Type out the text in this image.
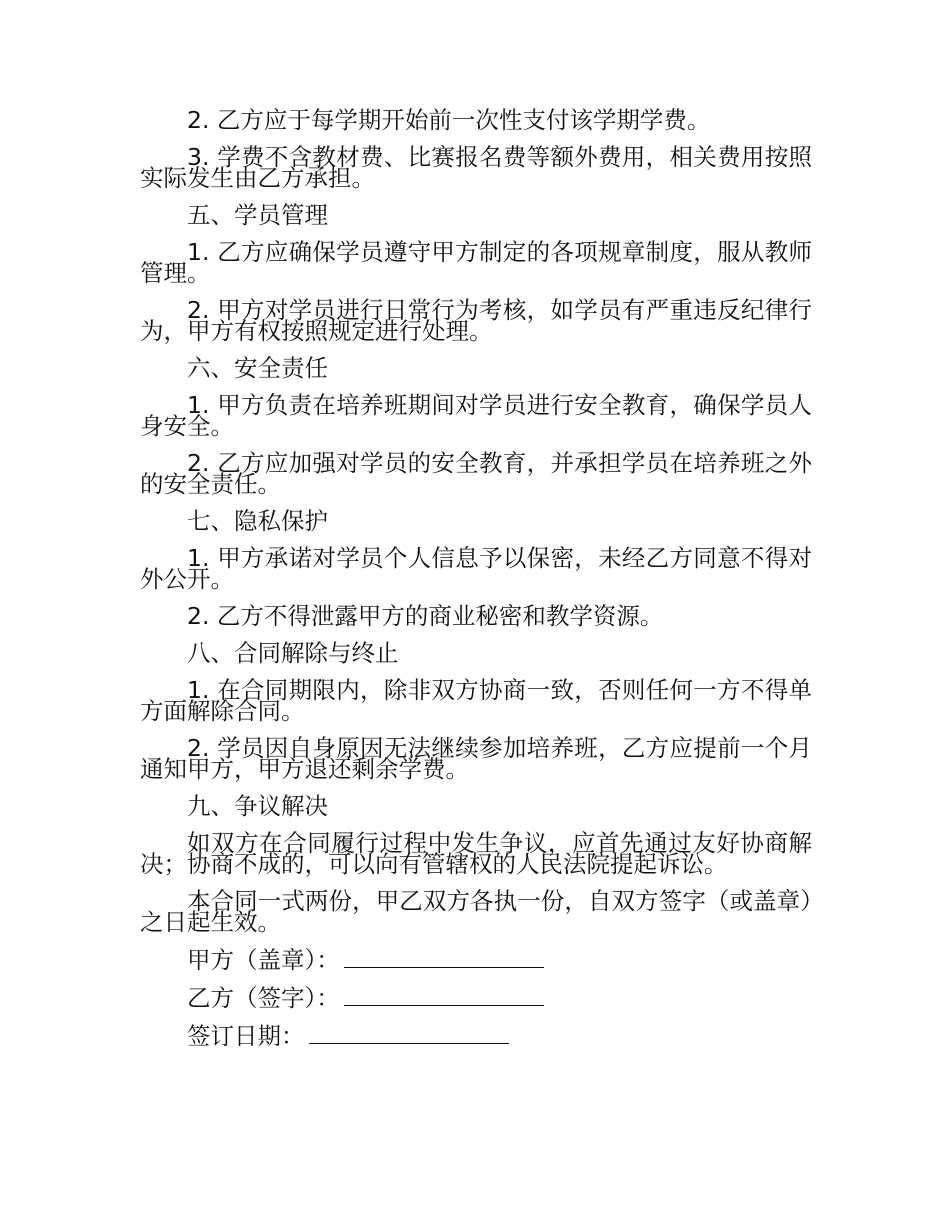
2. 乙方应于每学期开始前一次性支付该学期学费。

3. 学费不含教材费、比赛报名费等额外费用，相关费用按照实际发生由乙方承担。

五、学员管理

1. 乙方应确保学员遵守甲方制定的各项规章制度，服从教师管理。

2. 甲方对学员进行日常行为考核，如学员有严重违反纪律行为，甲方有权按照规定进行处理。

六、安全责任

1. 甲方负责在培养班期间对学员进行安全教育，确保学员人身安全。

2. 乙方应加强对学员的安全教育，并承担学员在培养班之外的安全责任。

七、隐私保护

1. 甲方承诺对学员个人信息予以保密，未经乙方同意不得对外公开。

2. 乙方不得泄露甲方的商业秘密和教学资源。

八、合同解除与终止

1. 在合同期限内，除非双方协商一致，否则任何一方不得单方面解除合同。

2. 学员因自身原因无法继续参加培养班，乙方应提前一个月通知甲方，甲方退还剩余学费。

九、争议解决

如双方在合同履行过程中发生争议，应首先通过友好协商解决；协商不成的，可以向有管辖权的人民法院提起诉讼。

本合同一式两份，甲乙双方各执一份，自双方签字（或盖章）之日起生效。

甲方（盖章）：

乙方（签字）：

签订日期：
